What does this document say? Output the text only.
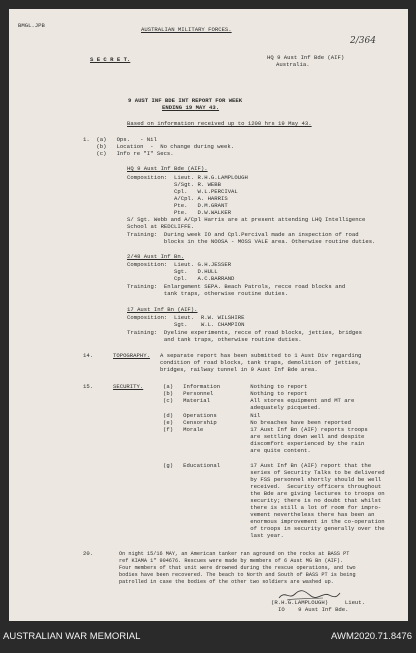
BMGL.JPB
AUSTRALIAN MILITARY FORCES.
2/364
S E C R E T.	HQ 9 Aust Inf Bde (AIF)
Australia.
9 AUST INF BDE INT REPORT FOR WEEK
ENDING 19 MAY 43.
Based on information received up to 1200 hrs 19 May 43.
1.  (a)   Ops.   - Nil
(b)   Location  -  No change during week.
(c)   Info re "I" Secs.
HQ 9 Aust Inf Bde (AIF).
Composition:  Lieut. R.H.G.LAMPLOUGH
S/Sgt. R. WEBB
Cpl.   W.L.PERCIVAL
A/Cpl. A. HARRIS
Pte.   D.M.GRANT
Pte.   D.W.WALKER
S/ Sgt. Webb and A/Cpl Harris are at present attending LHQ Intelligence
School at REDCLIFFE.
Training:  During week IO and Cpl.Percival made an inspection of road
blocks in the NOOSA - MOSS VALE area. Otherwise routine duties.
2/48 Aust Inf Bn.
Composition:  Lieut. G.H.JESSER
Sgt.   D.HULL
Cpl.   A.C.BARRAND
Training:  Enlargement SEPA. Beach Patrols, recce road blocks and
tank traps, otherwise routine duties.
17 Aust Inf Bn (AIF).
Composition:  Lieut.  R.W. WILSHIRE
Sgt.    W.L. CHAMPION
Training:  Dyeline experiments, recce of road blocks, jetties, bridges
and tank traps, otherwise routine duties.
14.	TOPOGRAPHY. A separate report has been submitted to 1 Aust Div regarding
condition of road blocks, tank traps, demolition of jetties,
bridges, railway tunnel in 9 Aust Inf Bde area.
15.	SECURITY.	(a)   Information         Nothing to report
(b)   Personnel           Nothing to report
(c)   Material            All stores equipment and MT are
adequately picqueted.
(d)   Operations          Nil
(e)   Censorship          No breaches have been reported
(f)   Morale              17 Aust Inf Bn (AIF) reports troops
are settling down well and despite
discomfort experienced by the rain
are quite content.
(g)   Educational         17 Aust Inf Bn (AIF) report that the
series of Security Talks to be delivered
by FSS personnel shortly should be well
received.  Security officers throughout
the Bde are giving lectures to troops on
security; there is no doubt that whilst
there is still a lot of room for impro-
vement nevertheless there has been an
enormous improvement in the co-operation
of troops in security generally over the
last year.
20.	On night 15/16 MAY, an American tanker ran aground on the rocks at BASS PT
ref KIAMA 1" 904676. Rescues were made by members of 6 Aust MG Bn (AIF).
Four members of that unit were drowned during the rescue operations, and two
bodies have been recovered. The beach to North and South of BASS PT is being
patrolled in case the bodies of the other two soldiers are washed up.
(R.H.G.LAMPLOUGH)     Lieut.
IO    9 Aust Inf Bde.
AUSTRALIAN WAR MEMORIAL	AWM2020.71.8476
